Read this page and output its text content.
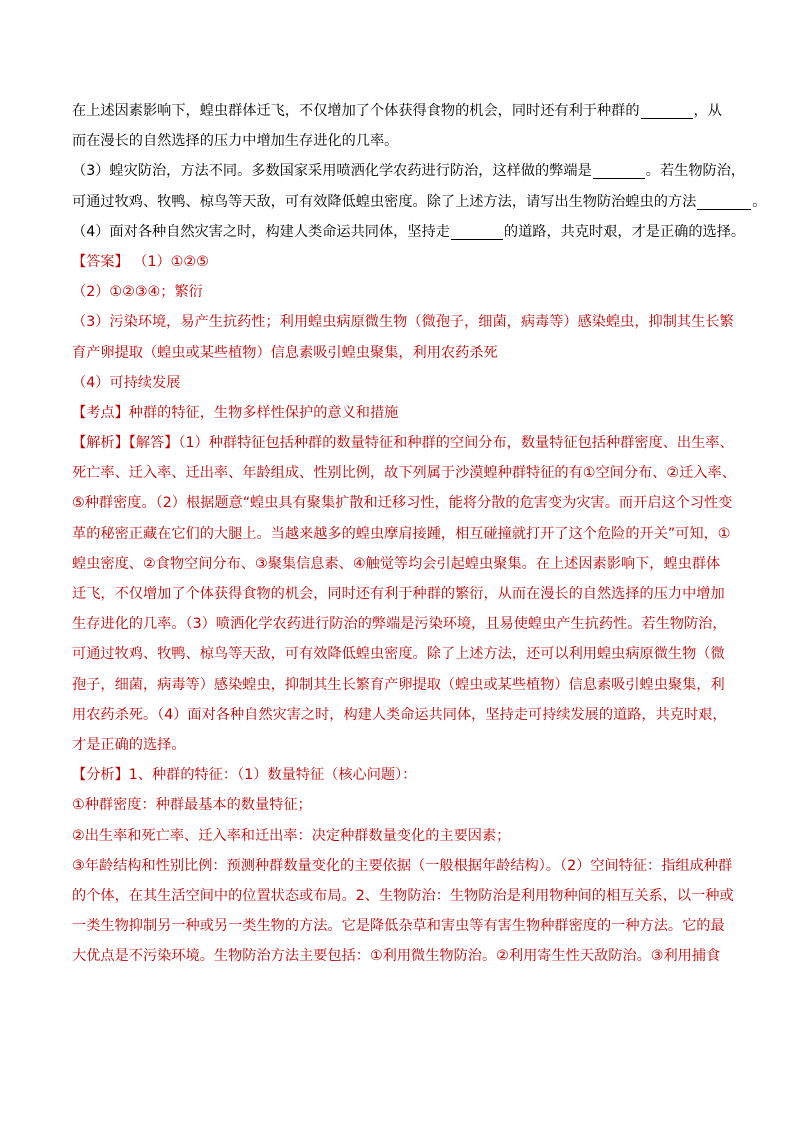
在上述因素影响下，蝗虫群体迁飞，不仅增加了个体获得食物的机会，同时还有利于种群的	，从
而在漫长的自然选择的压力中增加生存进化的几率。
（3）蝗灾防治，方法不同。多数国家采用喷洒化学农药进行防治，这样做的弊端是	。若生物防治，
可通过牧鸡、牧鸭、椋鸟等天敌，可有效降低蝗虫密度。除了上述方法，请写出生物防治蝗虫的方法	。
（4）面对各种自然灾害之时，构建人类命运共同体，坚持走	的道路，共克时艰，才是正确的选择。
【答案】 （1）①②⑤
（2）①②③④；繁衍
（3）污染环境，易产生抗药性；利用蝗虫病原微生物（微孢子，细菌，病毒等）感染蝗虫，抑制其生长繁
育产卵提取（蝗虫或某些植物）信息素吸引蝗虫聚集，利用农药杀死
（4）可持续发展
【考点】种群的特征，生物多样性保护的意义和措施
【解析】【解答】（1）种群特征包括种群的数量特征和种群的空间分布，数量特征包括种群密度、出生率、
死亡率、迁入率、迁出率、年龄组成、性别比例，故下列属于沙漠蝗种群特征的有①空间分布、②迁入率、
⑤种群密度。（2）根据题意“蝗虫具有聚集扩散和迁移习性，能将分散的危害变为灾害。而开启这个习性变
革的秘密正藏在它们的大腿上。当越来越多的蝗虫摩肩接踵，相互碰撞就打开了这个危险的开关”可知，①
蝗虫密度、②食物空间分布、③聚集信息素、④触觉等均会引起蝗虫聚集。在上述因素影响下，蝗虫群体
迁飞，不仅增加了个体获得食物的机会，同时还有利于种群的繁衍，从而在漫长的自然选择的压力中增加
生存进化的几率。（3）喷洒化学农药进行防治的弊端是污染环境，且易使蝗虫产生抗药性。若生物防治，
可通过牧鸡、牧鸭、椋鸟等天敌，可有效降低蝗虫密度。除了上述方法，还可以利用蝗虫病原微生物（微
孢子，细菌，病毒等）感染蝗虫，抑制其生长繁育产卵提取（蝗虫或某些植物）信息素吸引蝗虫聚集，利
用农药杀死。（4）面对各种自然灾害之时，构建人类命运共同体，坚持走可持续发展的道路，共克时艰，
才是正确的选择。
【分析】1、种群的特征：（1）数量特征（核心问题）：
①种群密度：种群最基本的数量特征；
②出生率和死亡率、迁入率和迁出率：决定种群数量变化的主要因素；
③年龄结构和性别比例：预测种群数量变化的主要依据（一般根据年龄结构）。（2）空间特征：指组成种群
的个体，在其生活空间中的位置状态或布局。2、生物防治：生物防治是利用物种间的相互关系，以一种或
一类生物抑制另一种或另一类生物的方法。它是降低杂草和害虫等有害生物种群密度的一种方法。它的最
大优点是不污染环境。生物防治方法主要包括：①利用微生物防治。②利用寄生性天敌防治。③利用捕食
